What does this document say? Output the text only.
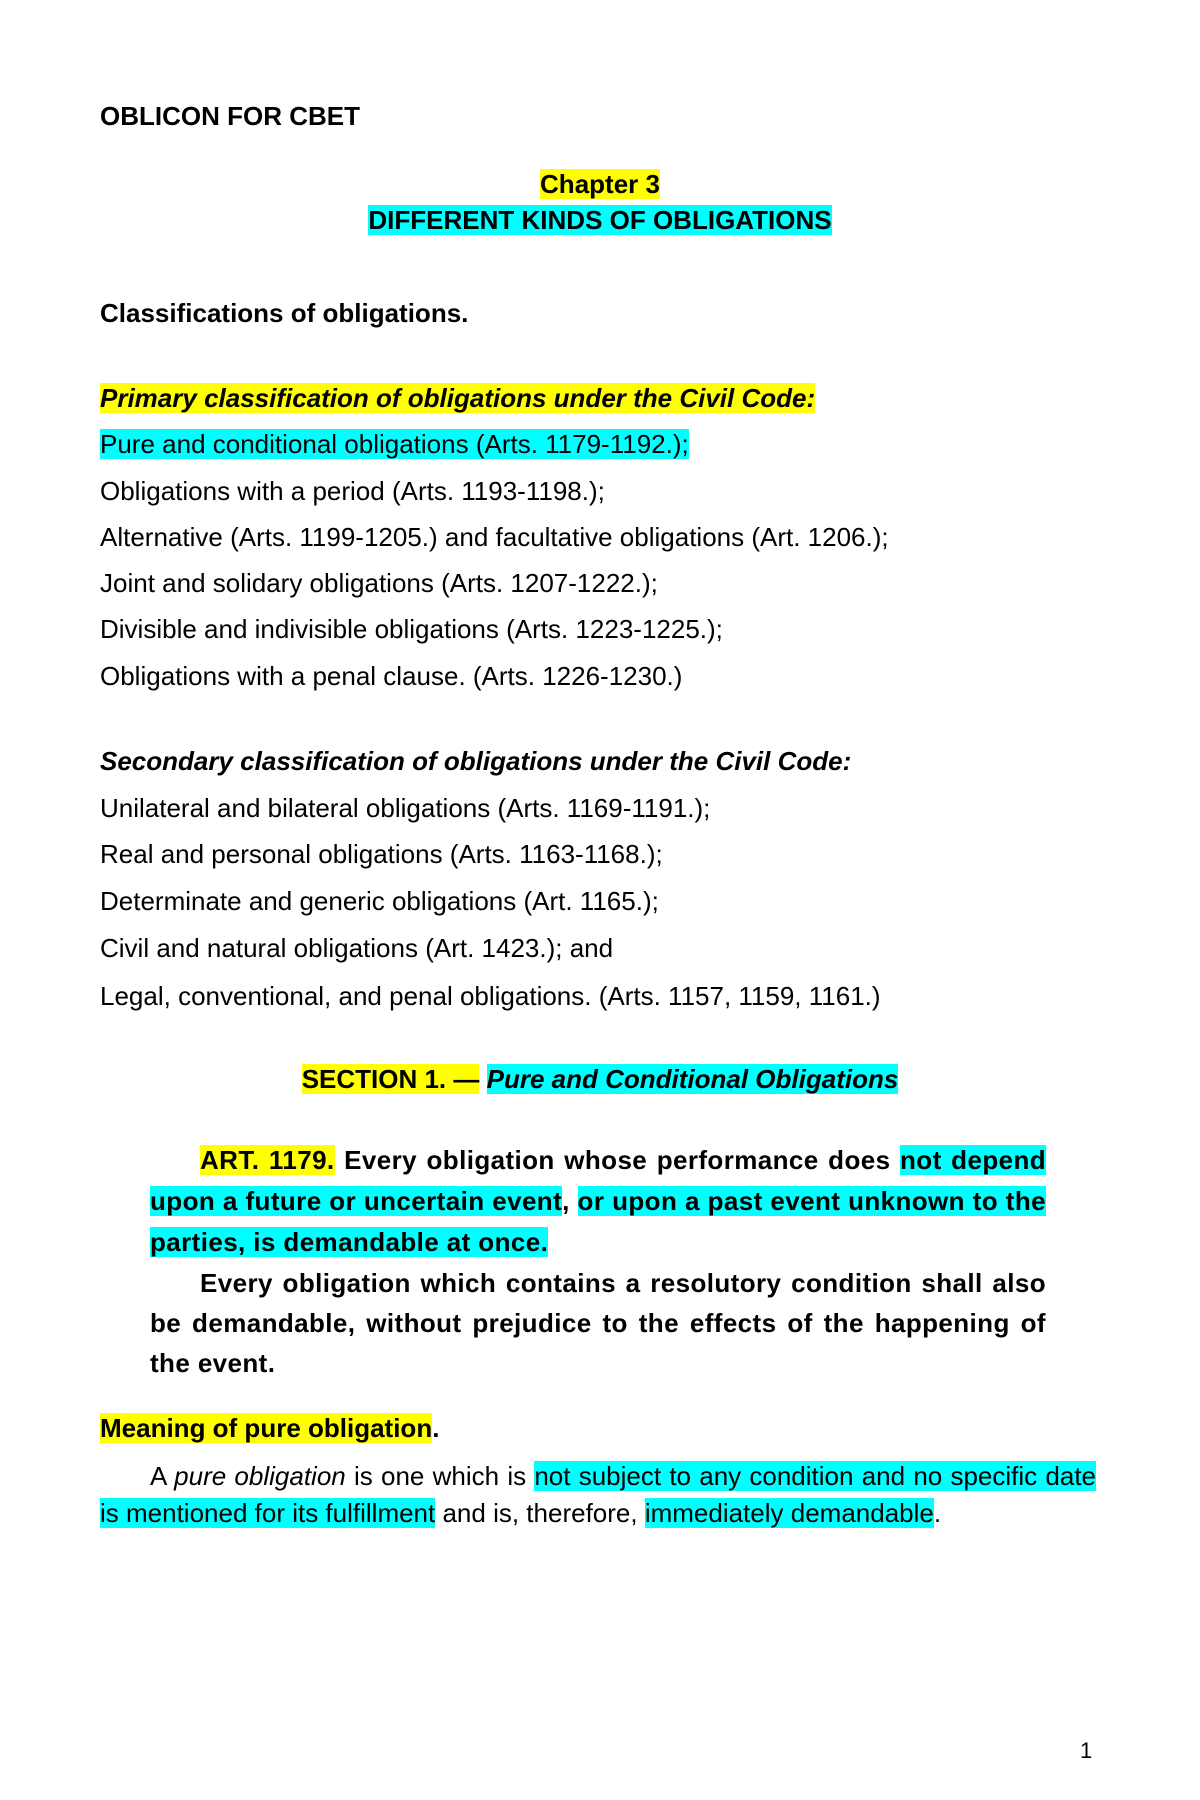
OBLICON FOR CBET
Chapter 3
DIFFERENT KINDS OF OBLIGATIONS
Classifications of obligations.
Primary classification of obligations under the Civil Code:
Pure and conditional obligations (Arts. 1179-1192.);
Obligations with a period (Arts. 1193-1198.);
Alternative (Arts. 1199-1205.) and facultative obligations (Art. 1206.);
Joint and solidary obligations (Arts. 1207-1222.);
Divisible and indivisible obligations (Arts. 1223-1225.);
Obligations with a penal clause. (Arts. 1226-1230.)
Secondary classification of obligations under the Civil Code:
Unilateral and bilateral obligations (Arts. 1169-1191.);
Real and personal obligations (Arts. 1163-1168.);
Determinate and generic obligations (Art. 1165.);
Civil and natural obligations (Art. 1423.); and
Legal, conventional, and penal obligations. (Arts. 1157, 1159, 1161.)
SECTION 1. — Pure and Conditional Obligations

ART. 1179. Every obligation whose performance does not depend upon a future or uncertain event, or upon a past event unknown to the parties, is demandable at once.

Every obligation which contains a resolutory condition shall also be demandable, without prejudice to the effects of the happening of the event.

Meaning of pure obligation.

A pure obligation is one which is not subject to any condition and no specific date is mentioned for its fulfillment and is, therefore, immediately demandable.

1
